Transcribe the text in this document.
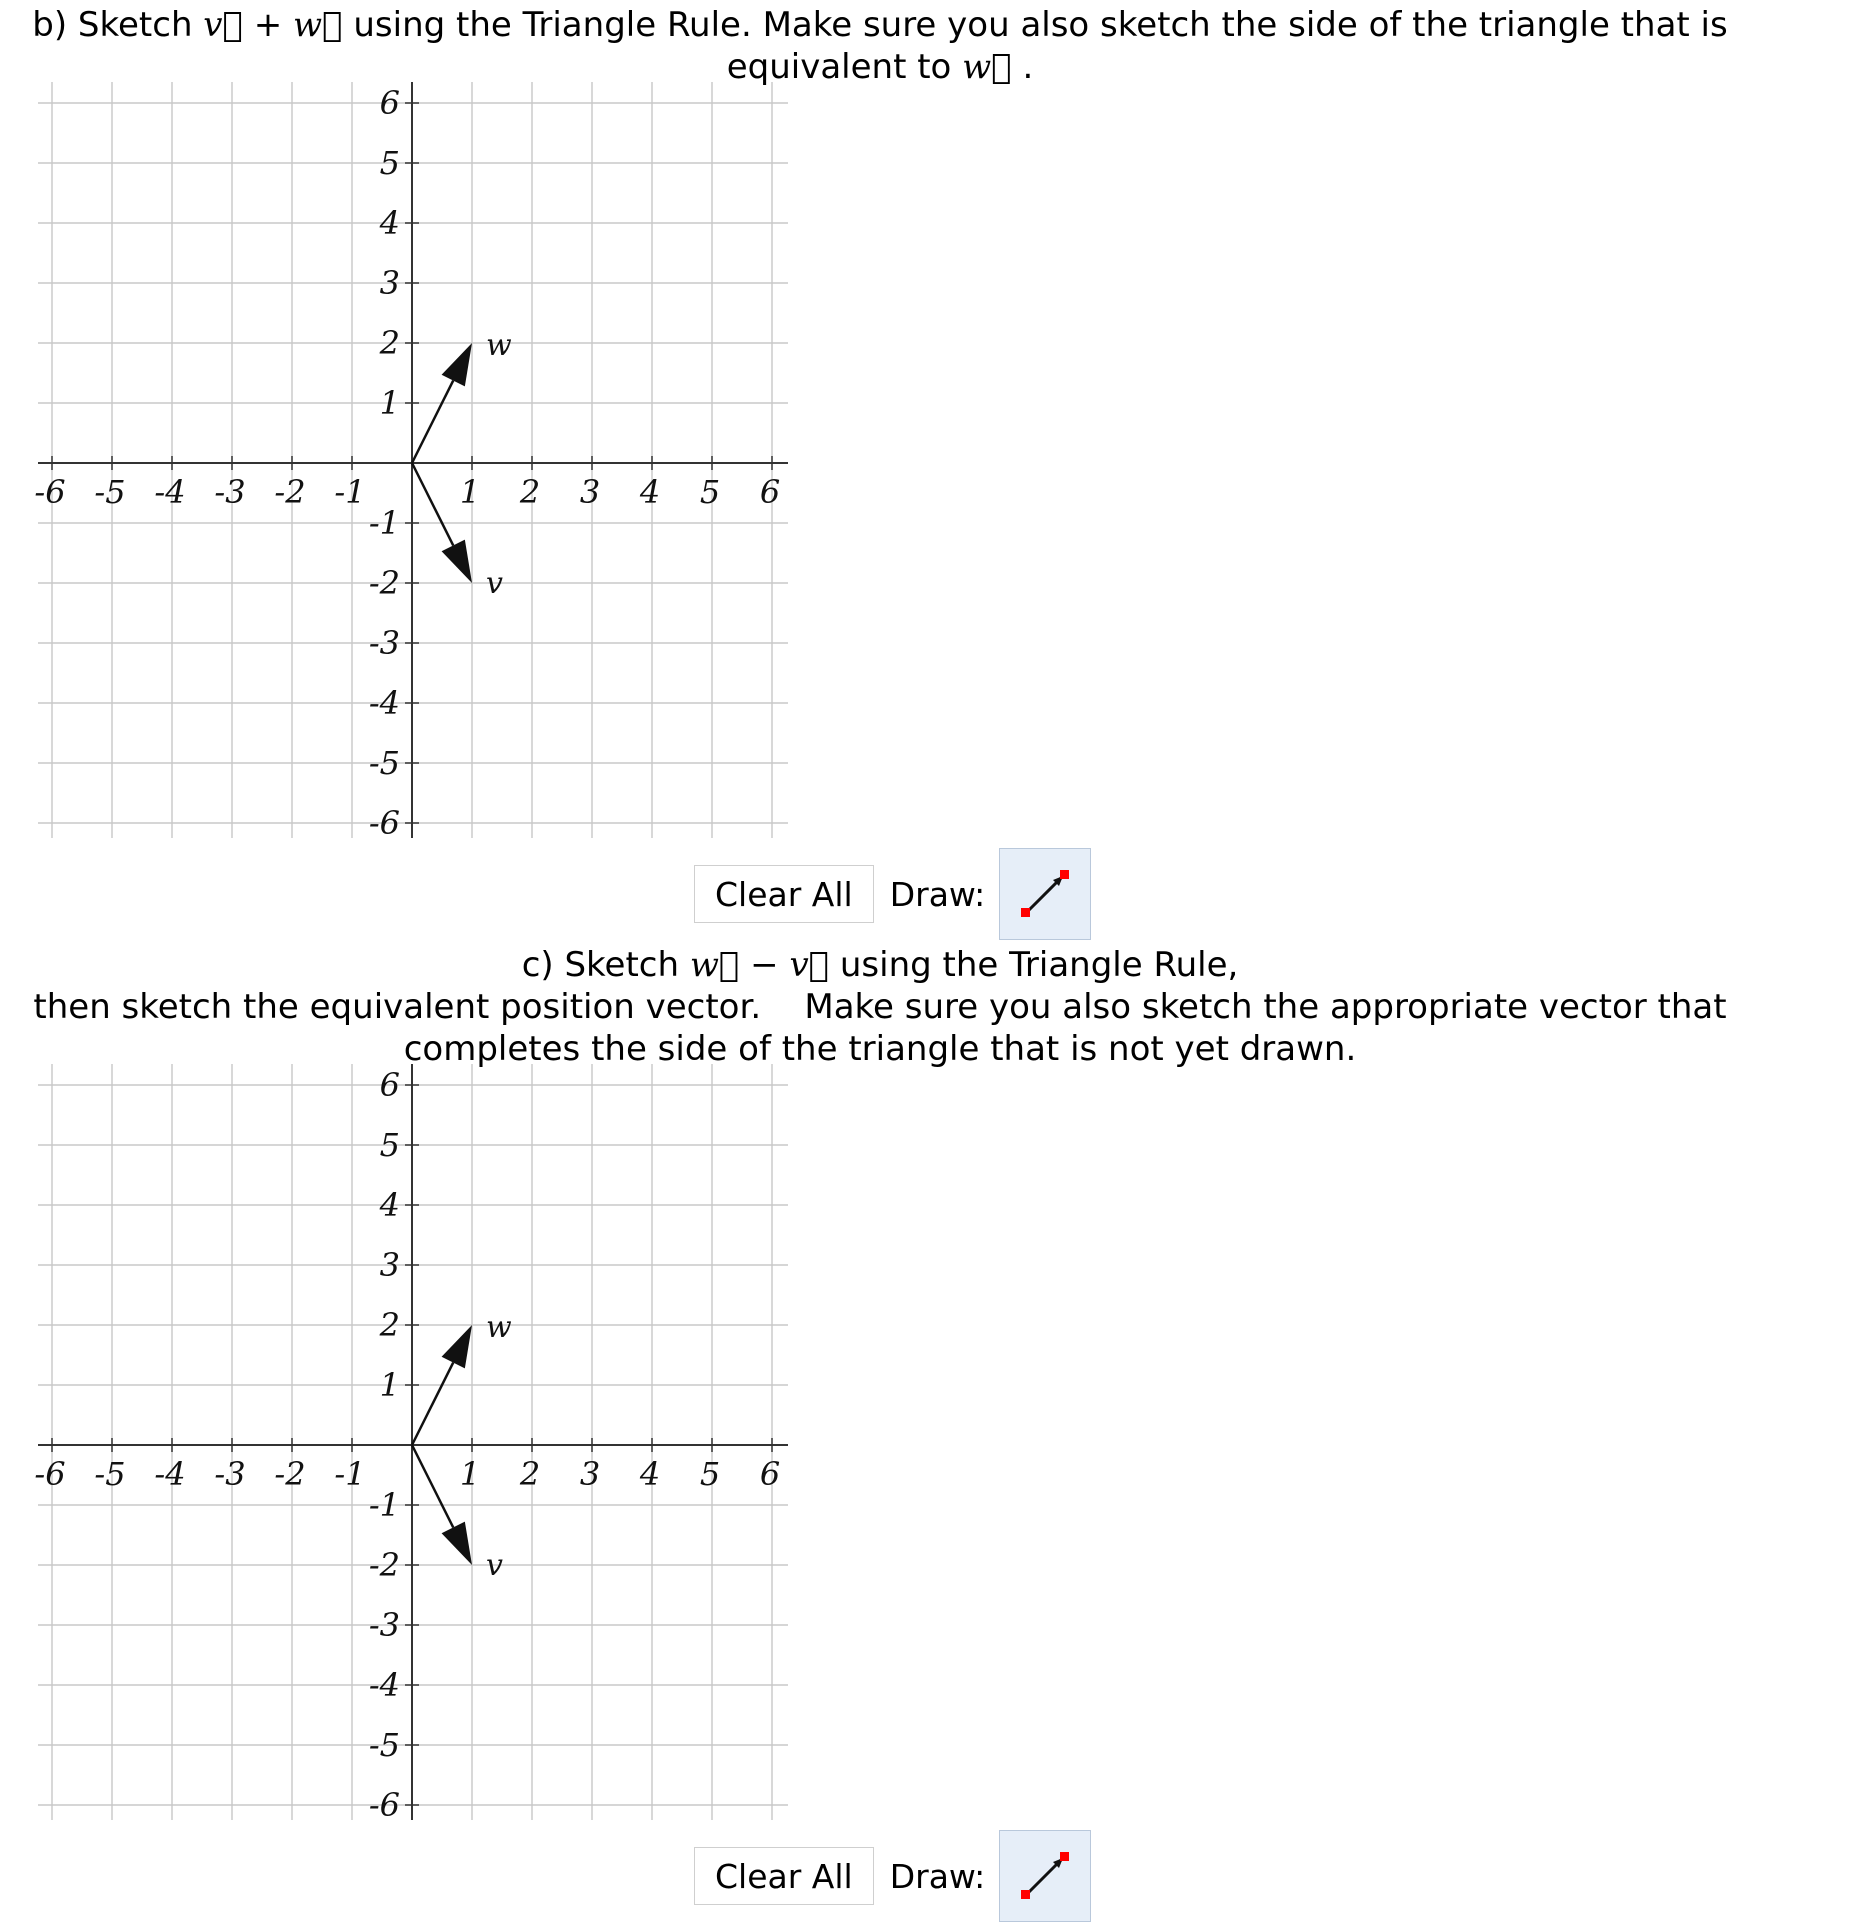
b) Sketch v⃗ + w⃗ using the Triangle Rule. Make sure you also sketch the side of the triangle that is
equivalent to w⃗ .
-6 -5 -4 -3 -2 -1	1 2 3 4 5 6
6
5
4
3
2
1
-1
-2
-3
-4
-5
-6
w
v
Clear All	Draw:
c) Sketch w⃗ − v⃗ using the Triangle Rule,
then sketch the equivalent position vector.    Make sure you also sketch the appropriate vector that
completes the side of the triangle that is not yet drawn.
-6 -5 -4 -3 -2 -1	1 2 3 4 5 6
6
5
4
3
2
1
-1
-2
-3
-4
-5
-6
w
v
Clear All	Draw:
